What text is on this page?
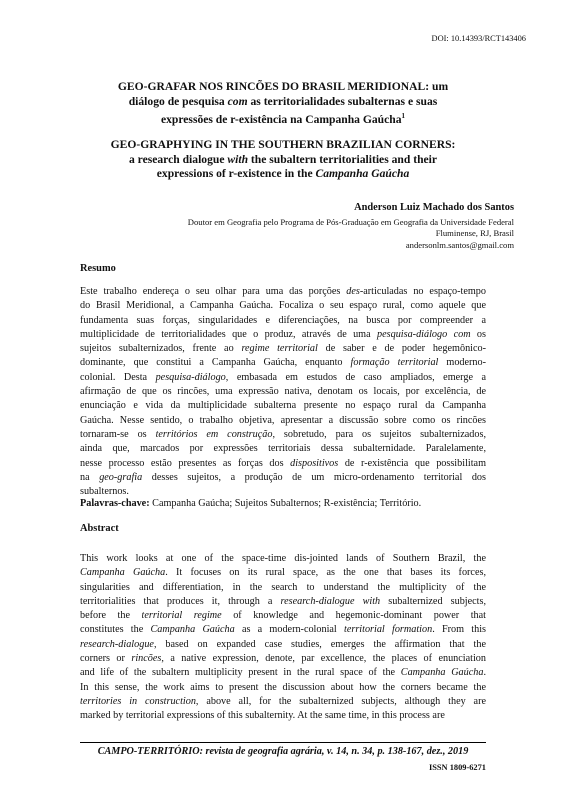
DOI: 10.14393/RCT143406
GEO-GRAFAR NOS RINCÕES DO BRASIL MERIDIONAL: um
diálogo de pesquisa com as territorialidades subalternas e suas
expressões de r-existência na Campanha Gaúcha$^1$
GEO-GRAPHYING IN THE SOUTHERN BRAZILIAN CORNERS:
a research dialogue with the subaltern territorialities and their
expressions of r-existence in the Campanha Gaúcha
Anderson Luiz Machado dos Santos
Doutor em Geografia pelo Programa de Pós-Graduação em Geografia da Universidade Federal
Fluminense, RJ, Brasil
andersonlm.santos@gmail.com
Resumo
Este trabalho endereça o seu olhar para uma das porções des-articuladas no espaço-tempo
do Brasil Meridional, a Campanha Gaúcha. Focaliza o seu espaço rural, como aquele que
fundamenta suas forças, singularidades e diferenciações, na busca por compreender a
multiplicidade de territorialidades que o produz, através de uma pesquisa-diálogo com os
sujeitos subalternizados, frente ao regime territorial de saber e de poder hegemônico-
dominante, que constitui a Campanha Gaúcha, enquanto formação territorial moderno-
colonial. Desta pesquisa-diálogo, embasada em estudos de caso ampliados, emerge a
afirmação de que os rincões, uma expressão nativa, denotam os locais, por excelência, de
enunciação e vida da multiplicidade subalterna presente no espaço rural da Campanha
Gaúcha. Nesse sentido, o trabalho objetiva, apresentar a discussão sobre como os rincões
tornaram-se os territórios em construção, sobretudo, para os sujeitos subalternizados,
ainda que, marcados por expressões territoriais dessa subalternidade. Paralelamente,
nesse processo estão presentes as forças dos dispositivos de r-existência que possibilitam
na geo-grafia desses sujeitos, a produção de um micro-ordenamento territorial dos
subalternos.
Palavras-chave: Campanha Gaúcha; Sujeitos Subalternos; R-existência; Território.
Abstract
This work looks at one of the space-time dis-jointed lands of Southern Brazil, the
Campanha Gaúcha. It focuses on its rural space, as the one that bases its forces,
singularities and differentiation, in the search to understand the multiplicity of the
territorialities that produces it, through a research-dialogue with subalternized subjects,
before the territorial regime of knowledge and hegemonic-dominant power that
constitutes the Campanha Gaúcha as a modern-colonial territorial formation. From this
research-dialogue, based on expanded case studies, emerges the affirmation that the
corners or rincões, a native expression, denote, par excellence, the places of enunciation
and life of the subaltern multiplicity present in the rural space of the Campanha Gaúcha.
In this sense, the work aims to present the discussion about how the corners became the
territories in construction, above all, for the subalternized subjects, although they are
marked by territorial expressions of this subalternity. At the same time, in this process are
CAMPO-TERRITÓRIO: revista de geografia agrária, v. 14, n. 34, p. 138-167, dez., 2019
ISSN 1809-6271
